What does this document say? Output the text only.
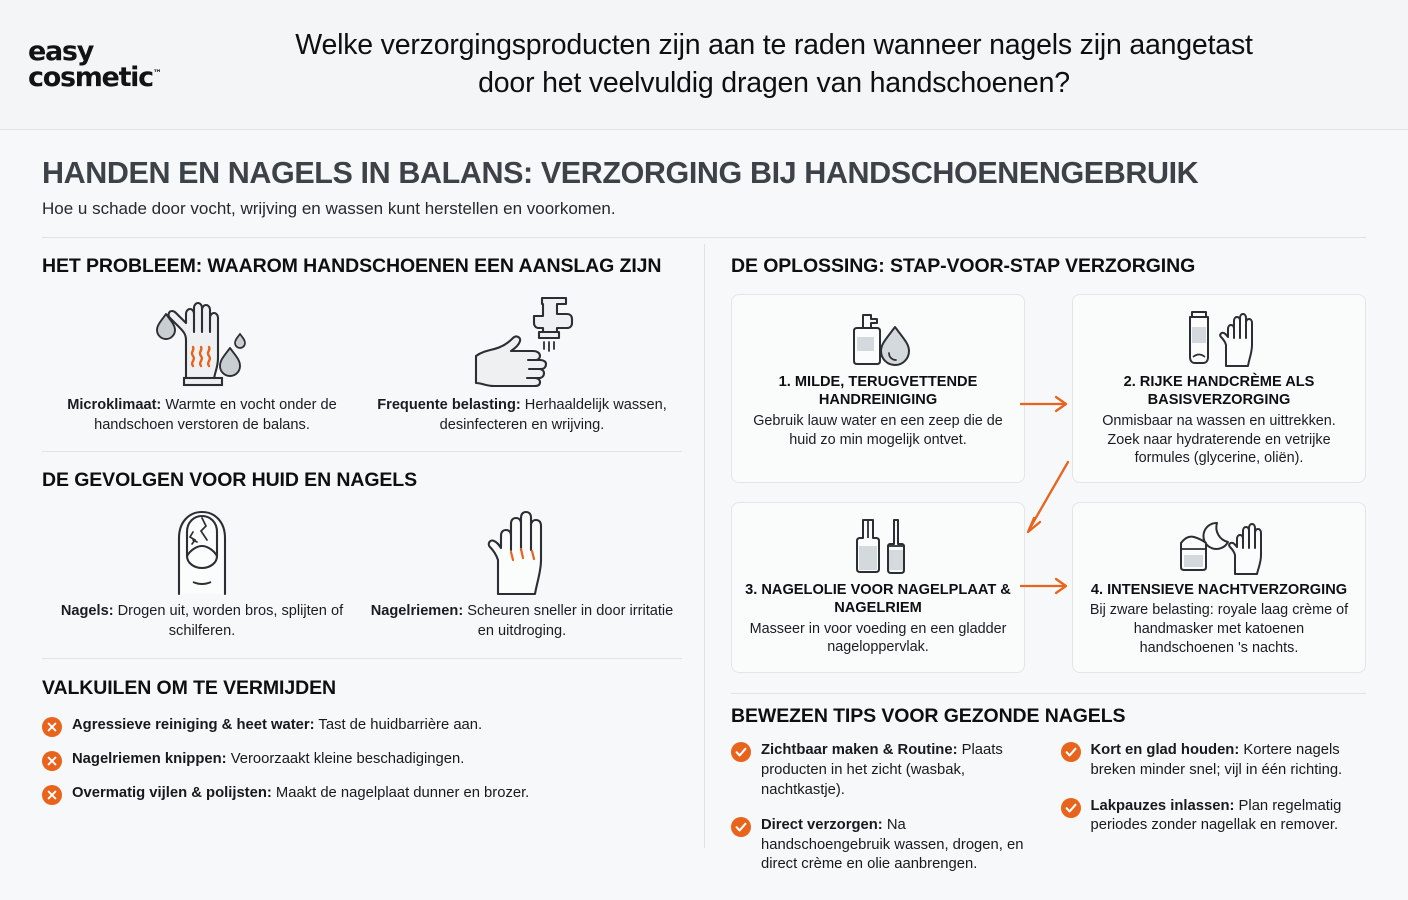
easy
cosmetic™
Welke verzorgingsproducten zijn aan te raden wanneer nagels zijn aangetast door het veelvuldig dragen van handschoenen?
HANDEN EN NAGELS IN BALANS: VERZORGING BIJ HANDSCHOENENGEBRUIK
Hoe u schade door vocht, wrijving en wassen kunt herstellen en voorkomen.
HET PROBLEEM: WAAROM HANDSCHOENEN EEN AANSLAG ZIJN
Microklimaat: Warmte en vocht onder de handschoen verstoren de balans.
Frequente belasting: Herhaaldelijk wassen, desinfecteren en wrijving.
DE GEVOLGEN VOOR HUID EN NAGELS
Nagels: Drogen uit, worden bros, splijten of schilferen.
Nagelriemen: Scheuren sneller in door irritatie en uitdroging.
VALKUILEN OM TE VERMIJDEN
Agressieve reiniging & heet water: Tast de huidbarrière aan.
Nagelriemen knippen: Veroorzaakt kleine beschadigingen.
Overmatig vijlen & polijsten: Maakt de nagelplaat dunner en brozer.
DE OPLOSSING: STAP-VOOR-STAP VERZORGING
1. MILDE, TERUGVETTENDE HANDREINIGING
Gebruik lauw water en een zeep die de huid zo min mogelijk ontvet.
2. RIJKE HANDCRÈME ALS BASISVERZORGING
Onmisbaar na wassen en uittrekken. Zoek naar hydraterende en vetrijke formules (glycerine, oliën).
3. NAGELOLIE VOOR NAGELPLAAT & NAGELRIEM
Masseer in voor voeding en een gladder nageloppervlak.
4. INTENSIEVE NACHTVERZORGING
Bij zware belasting: royale laag crème of handmasker met katoenen handschoenen 's nachts.
BEWEZEN TIPS VOOR GEZONDE NAGELS
Zichtbaar maken & Routine: Plaats producten in het zicht (wasbak, nachtkastje).
Direct verzorgen: Na handschoengebruik wassen, drogen, en direct crème en olie aanbrengen.
Kort en glad houden: Kortere nagels breken minder snel; vijl in één richting.
Lakpauzes inlassen: Plan regelmatig periodes zonder nagellak en remover.
